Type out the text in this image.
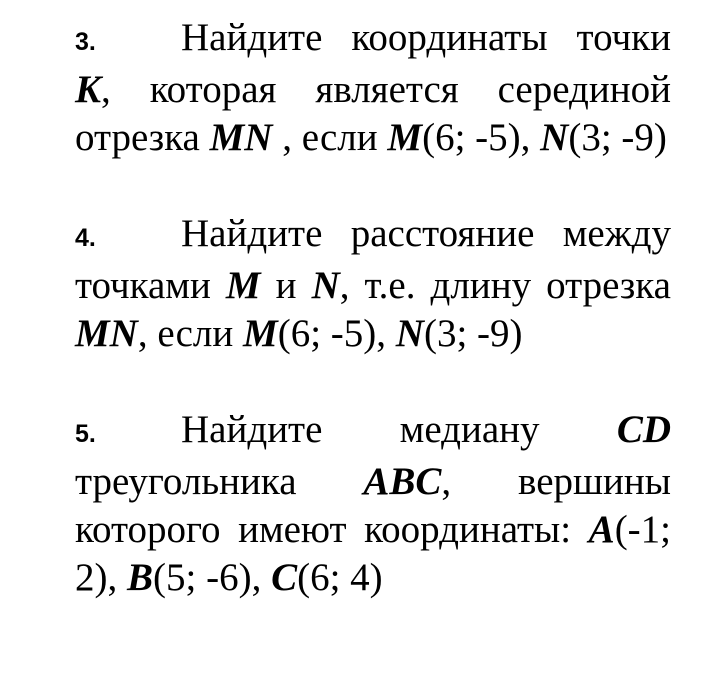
3. Найдите координаты точки K, которая является серединой отрезка MN , если M(6; -5), N(3; -9)

4. Найдите расстояние между точками M и N, т.е. длину отрезка MN, если M(6; -5), N(3; -9)

5. Найдите медиану CD треугольника ABC, вершины которого имеют координаты: A(-1; 2), B(5; -6), C(6; 4)
